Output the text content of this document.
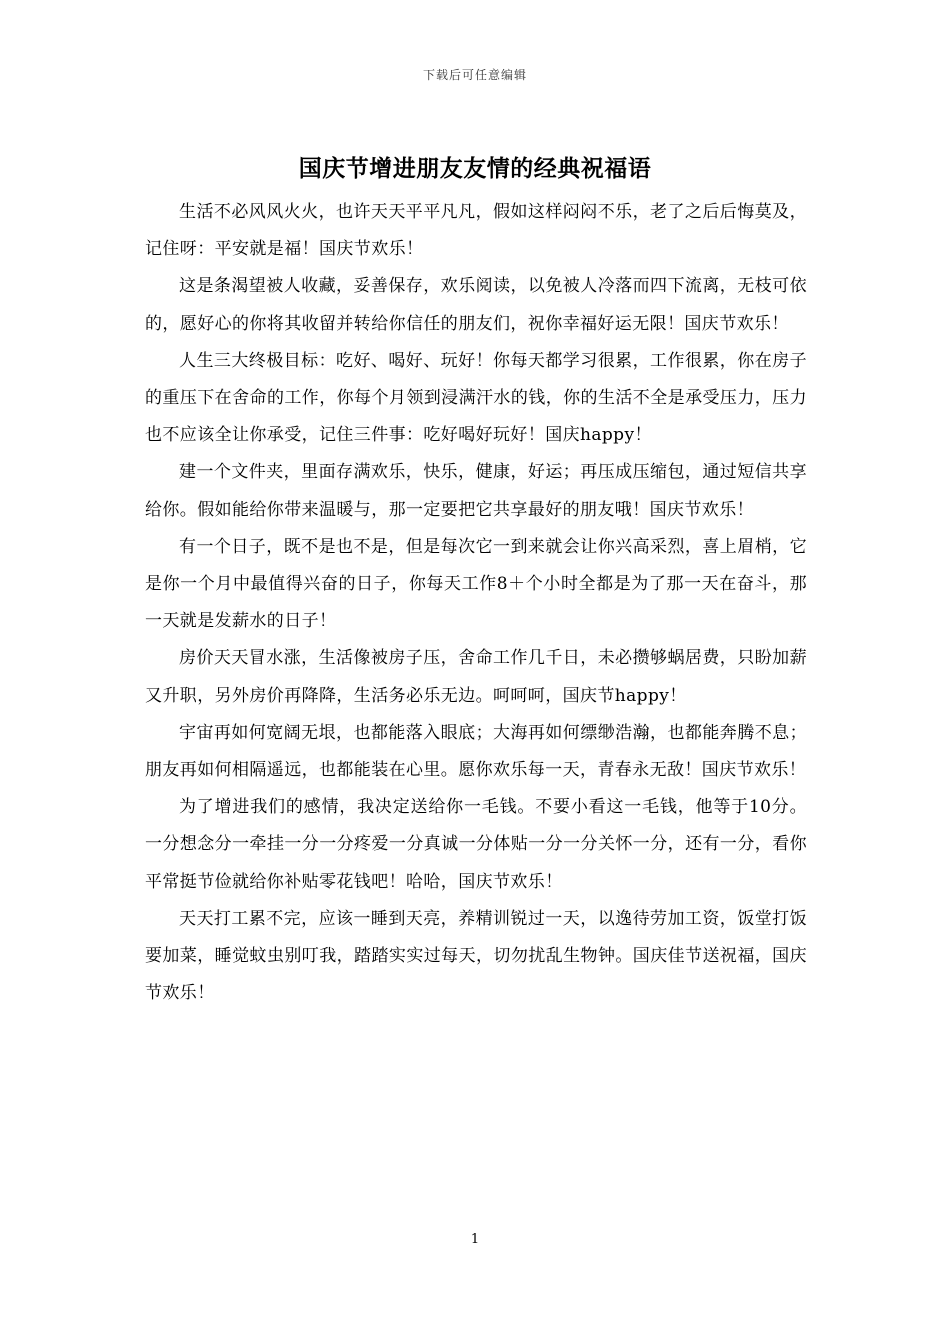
下载后可任意编辑
国庆节增进朋友友情的经典祝福语

生活不必风风火火，也许天天平平凡凡，假如这样闷闷不乐，老了之后后悔莫及，记住呀：平安就是福！国庆节欢乐！

这是条渴望被人收藏，妥善保存，欢乐阅读，以免被人冷落而四下流离，无枝可依的，愿好心的你将其收留并转给你信任的朋友们，祝你幸福好运无限！国庆节欢乐！

人生三大终极目标：吃好、喝好、玩好！你每天都学习很累，工作很累，你在房子的重压下在舍命的工作，你每个月领到浸满汗水的钱，你的生活不全是承受压力，压力也不应该全让你承受，记住三件事：吃好喝好玩好！国庆happy！

建一个文件夹，里面存满欢乐，快乐，健康，好运；再压成压缩包，通过短信共享给你。假如能给你带来温暖与，那一定要把它共享最好的朋友哦！国庆节欢乐！

有一个日子，既不是也不是，但是每次它一到来就会让你兴高采烈，喜上眉梢，它是你一个月中最值得兴奋的日子，你每天工作8＋个小时全都是为了那一天在奋斗，那一天就是发薪水的日子！

房价天天冒水涨，生活像被房子压，舍命工作几千日，未必攒够蜗居费，只盼加薪又升职，另外房价再降降，生活务必乐无边。呵呵呵，国庆节happy！

宇宙再如何宽阔无垠，也都能落入眼底；大海再如何缥缈浩瀚，也都能奔腾不息；朋友再如何相隔遥远，也都能装在心里。愿你欢乐每一天，青春永无敌！国庆节欢乐！

为了增进我们的感情，我决定送给你一毛钱。不要小看这一毛钱，他等于10分。一分想念分一牵挂一分一分疼爱一分真诚一分体贴一分一分关怀一分，还有一分，看你平常挺节俭就给你补贴零花钱吧！哈哈，国庆节欢乐！

天天打工累不完，应该一睡到天亮，养精训锐过一天，以逸待劳加工资，饭堂打饭要加菜，睡觉蚊虫别叮我，踏踏实实过每天，切勿扰乱生物钟。国庆佳节送祝福，国庆节欢乐！

1
